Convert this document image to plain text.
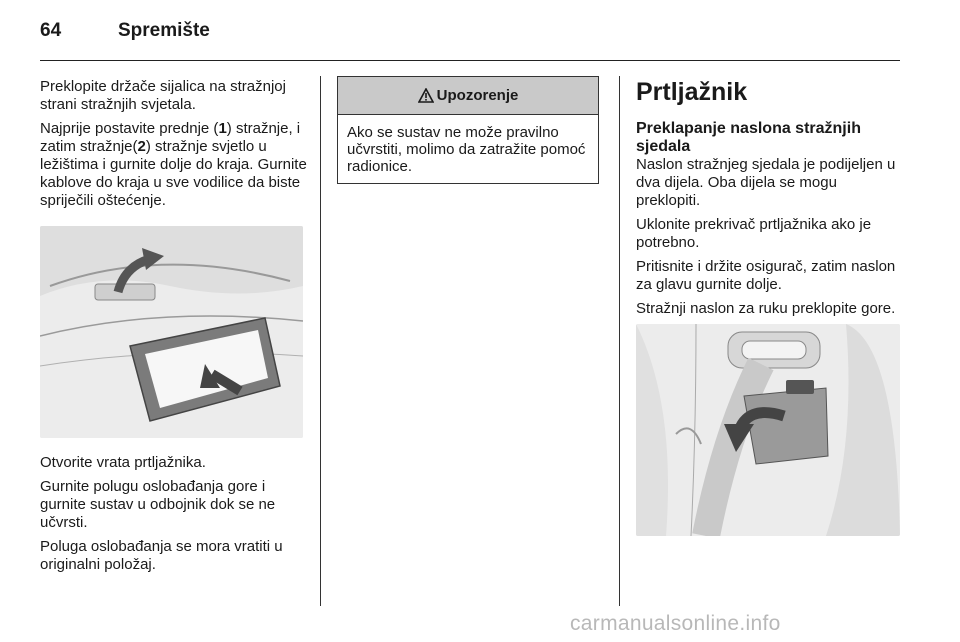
64	Spremište

Preklopite držače sijalica na stražnjoj strani stražnjih svjetala.

Najprije postavite prednje (1) stražnje, i zatim stražnje(2) stražnje svjetlo u ležištima i gurnite dolje do kraja. Gurnite kablove do kraja u sve vodilice da biste spriječili oštećenje.

Otvorite vrata prtljažnika.

Gurnite polugu oslobađanja gore i gurnite sustav u odbojnik dok se ne učvrsti.

Poluga oslobađanja se mora vratiti u originalni položaj.

Upozorenje
Ako se sustav ne može pravilno učvrstiti, molimo da zatražite pomoć radionice.
Prtljažnik
Preklapanje naslona stražnjih sjedala

Naslon stražnjeg sjedala je podijeljen u dva dijela. Oba dijela se mogu preklopiti.

Uklonite prekrivač prtljažnika ako je potrebno.

Pritisnite i držite osigurač, zatim naslon za glavu gurnite dolje.

Stražnji naslon za ruku preklopite gore.

carmanualsonline.info
